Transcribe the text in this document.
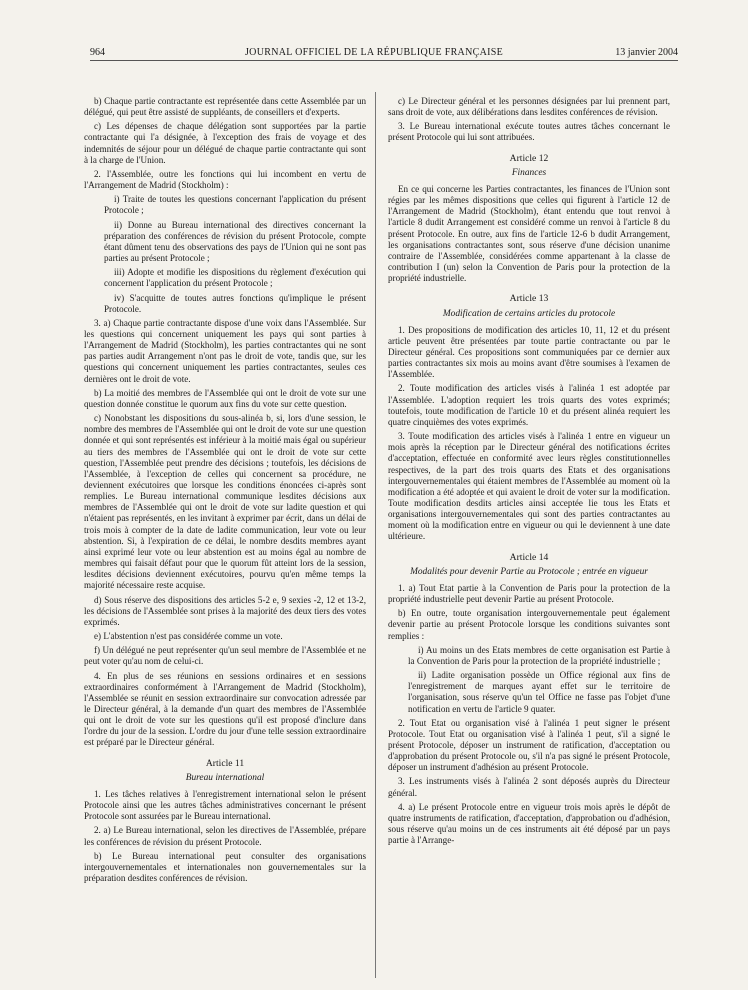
964	JOURNAL OFFICIEL DE LA RÉPUBLIQUE FRANÇAISE	13 janvier 2004

b) Chaque partie contractante est représentée dans cette Assemblée par un délégué, qui peut être assisté de suppléants, de conseillers et d'experts.

c) Les dépenses de chaque délégation sont supportées par la partie contractante qui l'a désignée, à l'exception des frais de voyage et des indemnités de séjour pour un délégué de chaque partie contractante qui sont à la charge de l'Union.

2. l'Assemblée, outre les fonctions qui lui incombent en vertu de l'Arrangement de Madrid (Stockholm) :

i) Traite de toutes les questions concernant l'application du présent Protocole ;

ii) Donne au Bureau international des directives concernant la préparation des conférences de révision du présent Protocole, compte étant dûment tenu des observations des pays de l'Union qui ne sont pas parties au présent Protocole ;

iii) Adopte et modifie les dispositions du règlement d'exécution qui concernent l'application du présent Protocole ;

iv) S'acquitte de toutes autres fonctions qu'implique le présent Protocole.

3. a) Chaque partie contractante dispose d'une voix dans l'Assemblée. Sur les questions qui concernent uniquement les pays qui sont parties à l'Arrangement de Madrid (Stockholm), les parties contractantes qui ne sont pas parties audit Arrangement n'ont pas le droit de vote, tandis que, sur les questions qui concernent uniquement les parties contractantes, seules ces dernières ont le droit de vote.

b) La moitié des membres de l'Assemblée qui ont le droit de vote sur une question donnée constitue le quorum aux fins du vote sur cette question.

c) Nonobstant les dispositions du sous-alinéa b, si, lors d'une session, le nombre des membres de l'Assemblée qui ont le droit de vote sur une question donnée et qui sont représentés est inférieur à la moitié mais égal ou supérieur au tiers des membres de l'Assemblée qui ont le droit de vote sur cette question, l'Assemblée peut prendre des décisions ; toutefois, les décisions de l'Assemblée, à l'exception de celles qui concernent sa procédure, ne deviennent exécutoires que lorsque les conditions énoncées ci-après sont remplies. Le Bureau international communique lesdites décisions aux membres de l'Assemblée qui ont le droit de vote sur ladite question et qui n'étaient pas représentés, en les invitant à exprimer par écrit, dans un délai de trois mois à compter de la date de ladite communication, leur vote ou leur abstention. Si, à l'expiration de ce délai, le nombre desdits membres ayant ainsi exprimé leur vote ou leur abstention est au moins égal au nombre de membres qui faisait défaut pour que le quorum fût atteint lors de la session, lesdites décisions deviennent exécutoires, pourvu qu'en même temps la majorité nécessaire reste acquise.

d) Sous réserve des dispositions des articles 5-2 e, 9 sexies -2, 12 et 13-2, les décisions de l'Assemblée sont prises à la majorité des deux tiers des votes exprimés.

e) L'abstention n'est pas considérée comme un vote.

f) Un délégué ne peut représenter qu'un seul membre de l'Assemblée et ne peut voter qu'au nom de celui-ci.

4. En plus de ses réunions en sessions ordinaires et en sessions extraordinaires conformément à l'Arrangement de Madrid (Stockholm), l'Assemblée se réunit en session extraordinaire sur convocation adressée par le Directeur général, à la demande d'un quart des membres de l'Assemblée qui ont le droit de vote sur les questions qu'il est proposé d'inclure dans l'ordre du jour de la session. L'ordre du jour d'une telle session extraordinaire est préparé par le Directeur général.

Article 11
Bureau international

1. Les tâches relatives à l'enregistrement international selon le présent Protocole ainsi que les autres tâches administratives concernant le présent Protocole sont assurées par le Bureau international.

2. a) Le Bureau international, selon les directives de l'Assemblée, prépare les conférences de révision du présent Protocole.

b) Le Bureau international peut consulter des organisations intergouvernementales et internationales non gouvernementales sur la préparation desdites conférences de révision.

c) Le Directeur général et les personnes désignées par lui prennent part, sans droit de vote, aux délibérations dans lesdites conférences de révision.

3. Le Bureau international exécute toutes autres tâches concernant le présent Protocole qui lui sont attribuées.

Article 12
Finances

En ce qui concerne les Parties contractantes, les finances de l'Union sont régies par les mêmes dispositions que celles qui figurent à l'article 12 de l'Arrangement de Madrid (Stockholm), étant entendu que tout renvoi à l'article 8 dudit Arrangement est considéré comme un renvoi à l'article 8 du présent Protocole. En outre, aux fins de l'article 12-6 b dudit Arrangement, les organisations contractantes sont, sous réserve d'une décision unanime contraire de l'Assemblée, considérées comme appartenant à la classe de contribution I (un) selon la Convention de Paris pour la protection de la propriété industrielle.

Article 13
Modification de certains articles du protocole

1. Des propositions de modification des articles 10, 11, 12 et du présent article peuvent être présentées par toute partie contractante ou par le Directeur général. Ces propositions sont communiquées par ce dernier aux parties contractantes six mois au moins avant d'être soumises à l'examen de l'Assemblée.

2. Toute modification des articles visés à l'alinéa 1 est adoptée par l'Assemblée. L'adoption requiert les trois quarts des votes exprimés; toutefois, toute modification de l'article 10 et du présent alinéa requiert les quatre cinquièmes des votes exprimés.

3. Toute modification des articles visés à l'alinéa 1 entre en vigueur un mois après la réception par le Directeur général des notifications écrites d'acceptation, effectuée en conformité avec leurs règles constitutionnelles respectives, de la part des trois quarts des Etats et des organisations intergouvernementales qui étaient membres de l'Assemblée au moment où la modification a été adoptée et qui avaient le droit de voter sur la modification. Toute modification desdits articles ainsi acceptée lie tous les Etats et organisations intergouvernementales qui sont des parties contractantes au moment où la modification entre en vigueur ou qui le deviennent à une date ultérieure.

Article 14
Modalités pour devenir Partie au Protocole ; entrée en vigueur

1. a) Tout Etat partie à la Convention de Paris pour la protection de la propriété industrielle peut devenir Partie au présent Protocole.

b) En outre, toute organisation intergouvernementale peut également devenir partie au présent Protocole lorsque les conditions suivantes sont remplies :

i) Au moins un des Etats membres de cette organisation est Partie à la Convention de Paris pour la protection de la propriété industrielle ;

ii) Ladite organisation possède un Office régional aux fins de l'enregistrement de marques ayant effet sur le territoire de l'organisation, sous réserve qu'un tel Office ne fasse pas l'objet d'une notification en vertu de l'article 9 quater.

2. Tout Etat ou organisation visé à l'alinéa 1 peut signer le présent Protocole. Tout Etat ou organisation visé à l'alinéa 1 peut, s'il a signé le présent Protocole, déposer un instrument de ratification, d'acceptation ou d'approbation du présent Protocole ou, s'il n'a pas signé le présent Protocole, déposer un instrument d'adhésion au présent Protocole.

3. Les instruments visés à l'alinéa 2 sont déposés auprès du Directeur général.

4. a) Le présent Protocole entre en vigueur trois mois après le dépôt de quatre instruments de ratification, d'acceptation, d'approbation ou d'adhésion, sous réserve qu'au moins un de ces instruments ait été déposé par un pays partie à l'Arrange-
